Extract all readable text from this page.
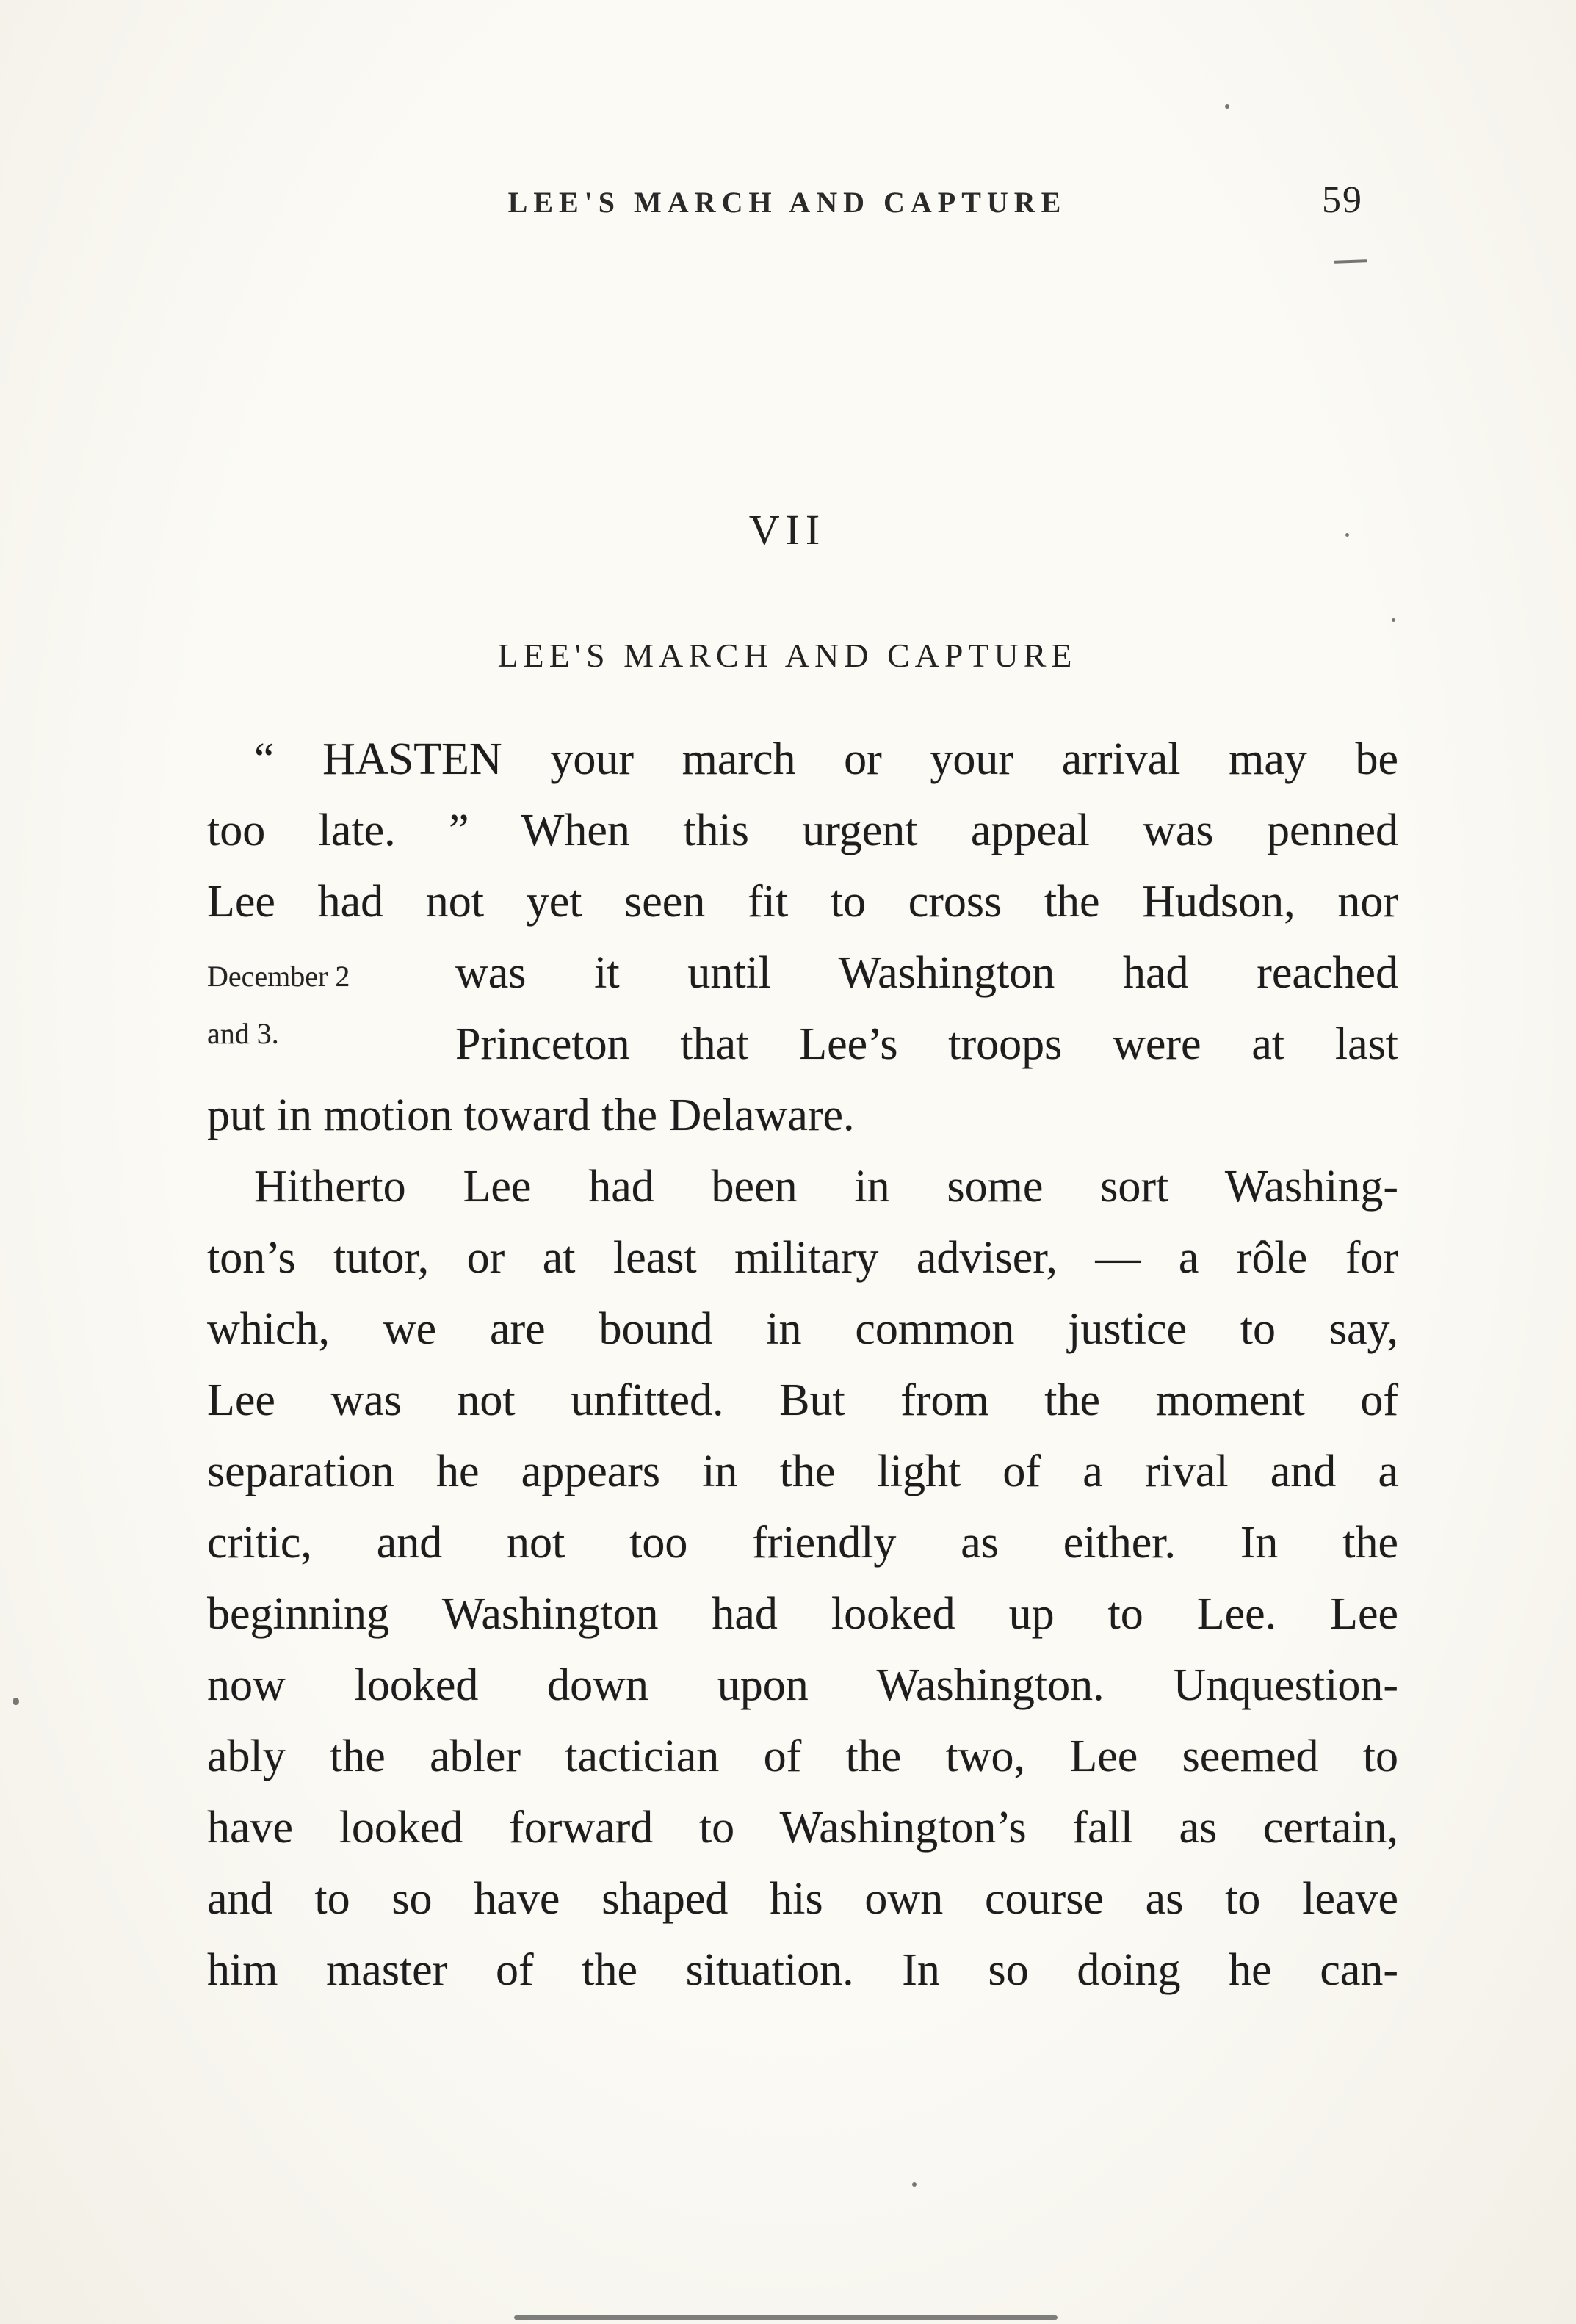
LEE'S MARCH AND CAPTURE	59
VII
LEE'S MARCH AND CAPTURE
“ HASTEN your march or your arrival may be
too late. ” When this urgent appeal was penned
Lee had not yet seen fit to cross the Hudson, nor
December 2
and 3.
was it until Washington had reached
Princeton that Lee’s troops were at last
put in motion toward the Delaware.
Hitherto Lee had been in some sort Washing-
ton’s tutor, or at least military adviser, — a rôle for
which, we are bound in common justice to say,
Lee was not unfitted. But from the moment of
separation he appears in the light of a rival and a
critic, and not too friendly as either. In the
beginning Washington had looked up to Lee. Lee
now looked down upon Washington. Unquestion-
ably the abler tactician of the two, Lee seemed to
have looked forward to Washington’s fall as certain,
and to so have shaped his own course as to leave
him master of the situation. In so doing he can-
